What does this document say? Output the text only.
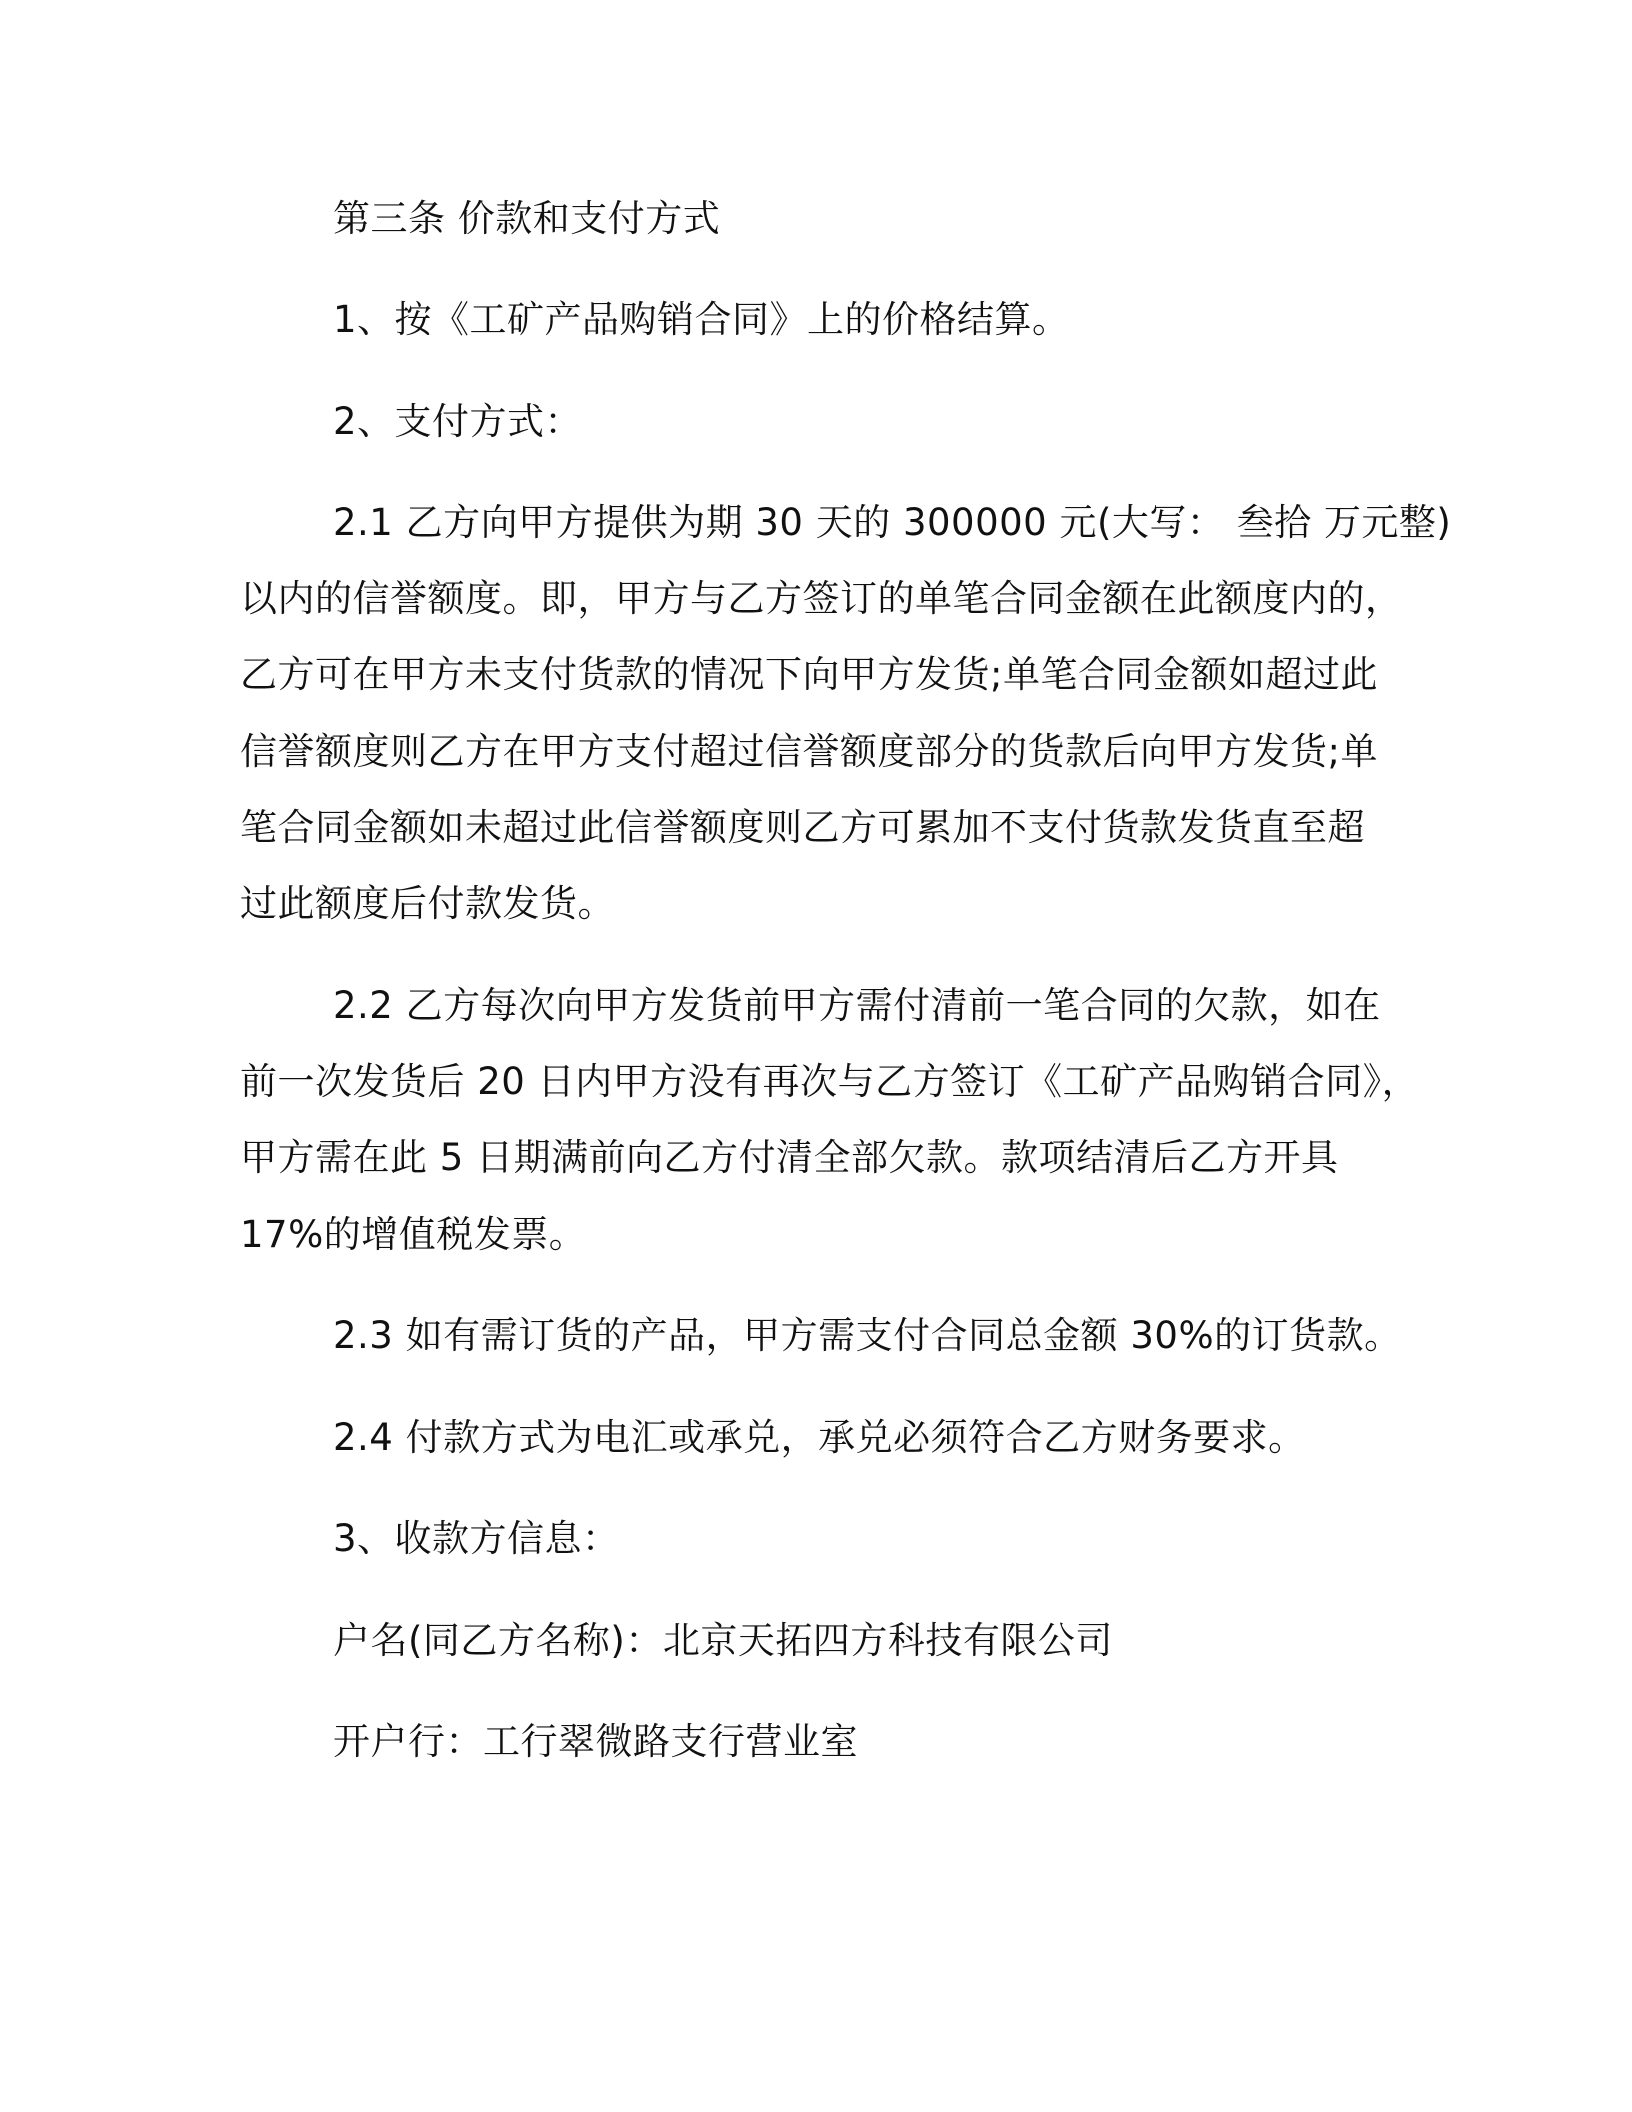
第三条 价款和支付方式
1、按《工矿产品购销合同》上的价格结算。
2、支付方式：
2.1 乙方向甲方提供为期 30 天的 300000 元(大写： 叁拾 万元整)
以内的信誉额度。即，甲方与乙方签订的单笔合同金额在此额度内的，
乙方可在甲方未支付货款的情况下向甲方发货;单笔合同金额如超过此
信誉额度则乙方在甲方支付超过信誉额度部分的货款后向甲方发货;单
笔合同金额如未超过此信誉额度则乙方可累加不支付货款发货直至超
过此额度后付款发货。
2.2 乙方每次向甲方发货前甲方需付清前一笔合同的欠款，如在
前一次发货后 20 日内甲方没有再次与乙方签订《工矿产品购销合同》，
甲方需在此 5 日期满前向乙方付清全部欠款。款项结清后乙方开具
17%的增值税发票。
2.3 如有需订货的产品，甲方需支付合同总金额 30%的订货款。
2.4 付款方式为电汇或承兑，承兑必须符合乙方财务要求。
3、收款方信息：
户名(同乙方名称)：北京天拓四方科技有限公司
开户行：工行翠微路支行营业室
